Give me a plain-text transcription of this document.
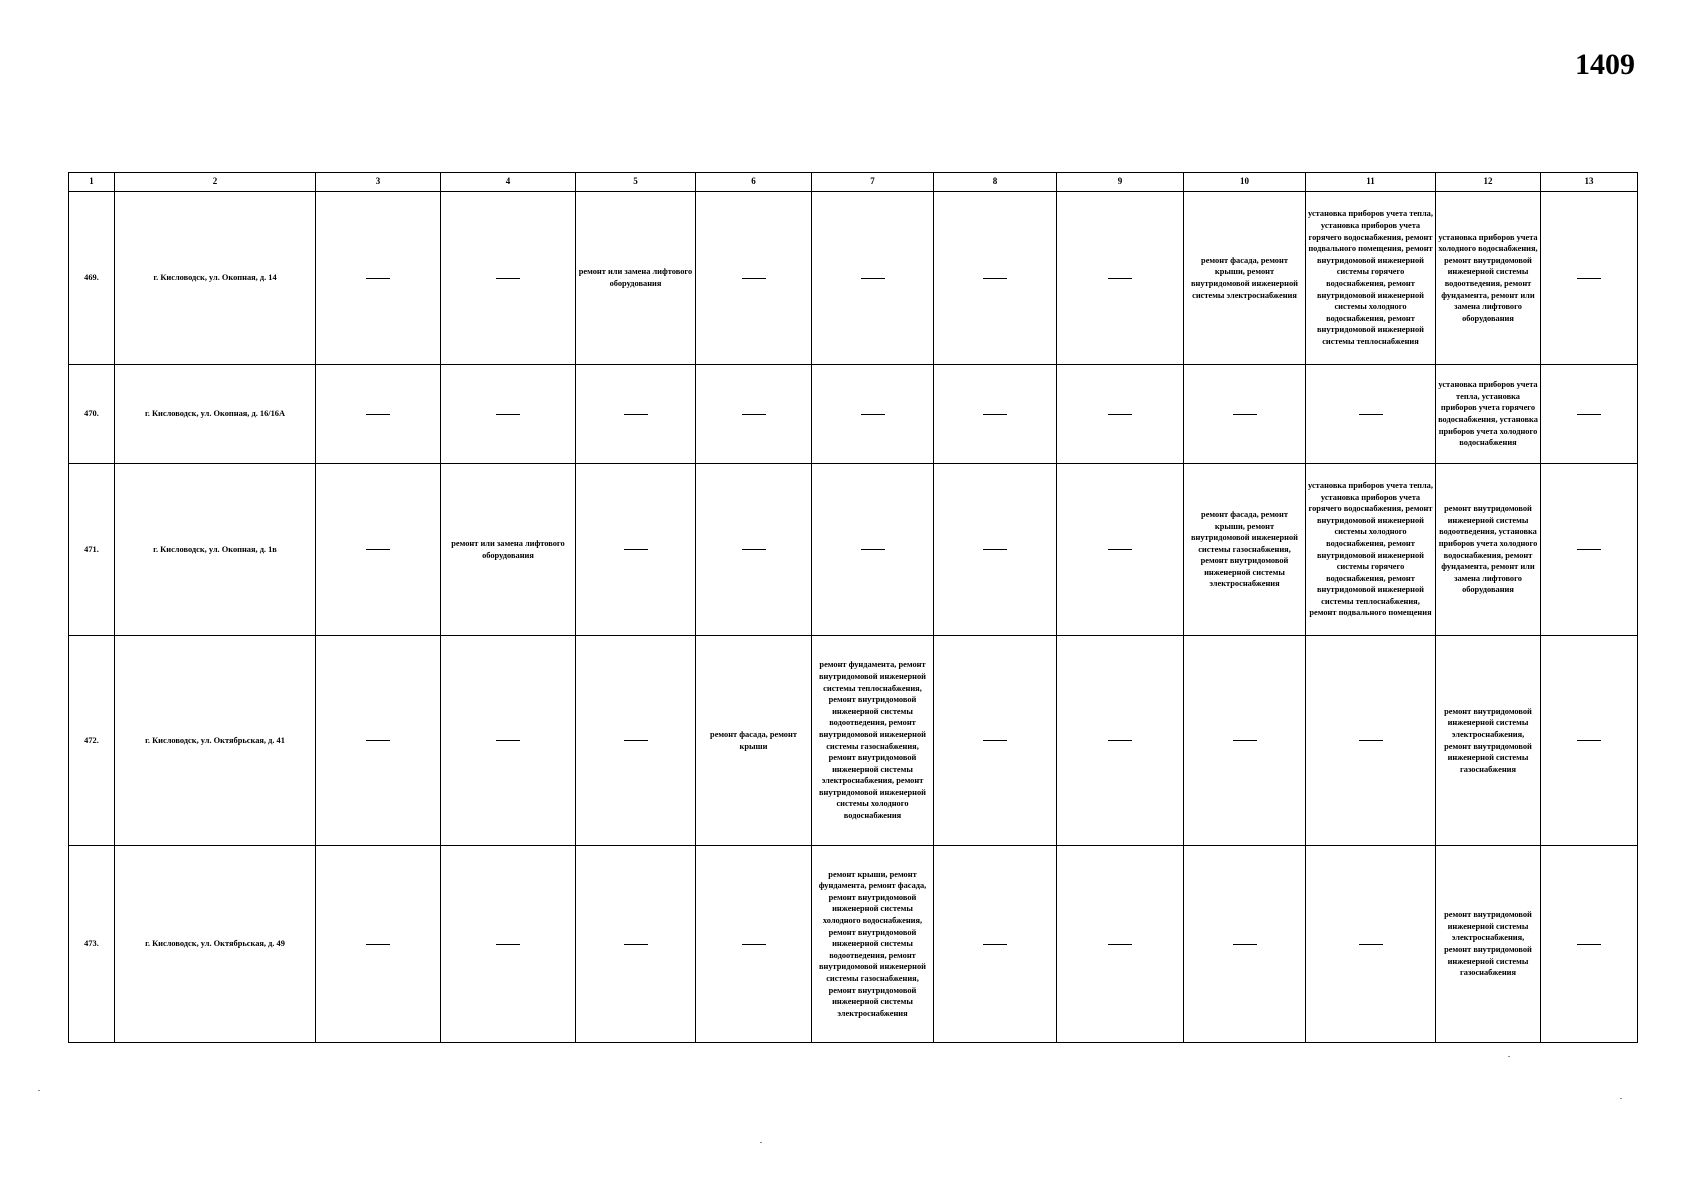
1409
1	2	3	4	5	6	7	8	9	10	11	12	13
469.	г. Кисловодск, ул. Окопная, д. 14			ремонт или замена лифтового оборудования					ремонт фасада, ремонт крыши, ремонт внутридомовой инженерной системы электроснабжения	установка приборов учета тепла, установка приборов учета горячего водоснабжения, ремонт подвального помещения, ремонт внутридомовой инженерной системы горячего водоснабжения, ремонт внутридомовой инженерной системы холодного водоснабжения, ремонт внутридомовой инженерной системы теплоснабжения	установка приборов учета холодного водоснабжения, ремонт внутридомовой инженерной системы водоотведения, ремонт фундамента, ремонт или замена лифтового оборудования	
470.	г. Кисловодск, ул. Окопная, д. 16/16А										установка приборов учета тепла, установка приборов учета горячего водоснабжения, установка приборов учета холодного водоснабжения	
471.	г. Кисловодск, ул. Окопная, д. 1в		ремонт или замена лифтового оборудования						ремонт фасада, ремонт крыши, ремонт внутридомовой инженерной системы газоснабжения, ремонт внутридомовой инженерной системы электроснабжения	установка приборов учета тепла, установка приборов учета горячего водоснабжения, ремонт внутридомовой инженерной системы холодного водоснабжения, ремонт внутридомовой инженерной системы горячего водоснабжения, ремонт внутридомовой инженерной системы теплоснабжения, ремонт подвального помещения	ремонт внутридомовой инженерной системы водоотведения, установка приборов учета холодного водоснабжения, ремонт фундамента, ремонт или замена лифтового оборудования	
472.	г. Кисловодск, ул. Октябрьская, д. 41				ремонт фасада, ремонт крыши	ремонт фундамента, ремонт внутридомовой инженерной системы теплоснабжения, ремонт внутридомовой инженерной системы водоотведения, ремонт внутридомовой инженерной системы газоснабжения, ремонт внутридомовой инженерной системы электроснабжения, ремонт внутридомовой инженерной системы холодного водоснабжения					ремонт внутридомовой инженерной системы электроснабжения, ремонт внутридомовой инженерной системы газоснабжения	
473.	г. Кисловодск, ул. Октябрьская, д. 49					ремонт крыши, ремонт фундамента, ремонт фасада, ремонт внутридомовой инженерной системы холодного водоснабжения, ремонт внутридомовой инженерной системы водоотведения, ремонт внутридомовой инженерной системы газоснабжения, ремонт внутридомовой инженерной системы электроснабжения					ремонт внутридомовой инженерной системы электроснабжения, ремонт внутридомовой инженерной системы газоснабжения	
